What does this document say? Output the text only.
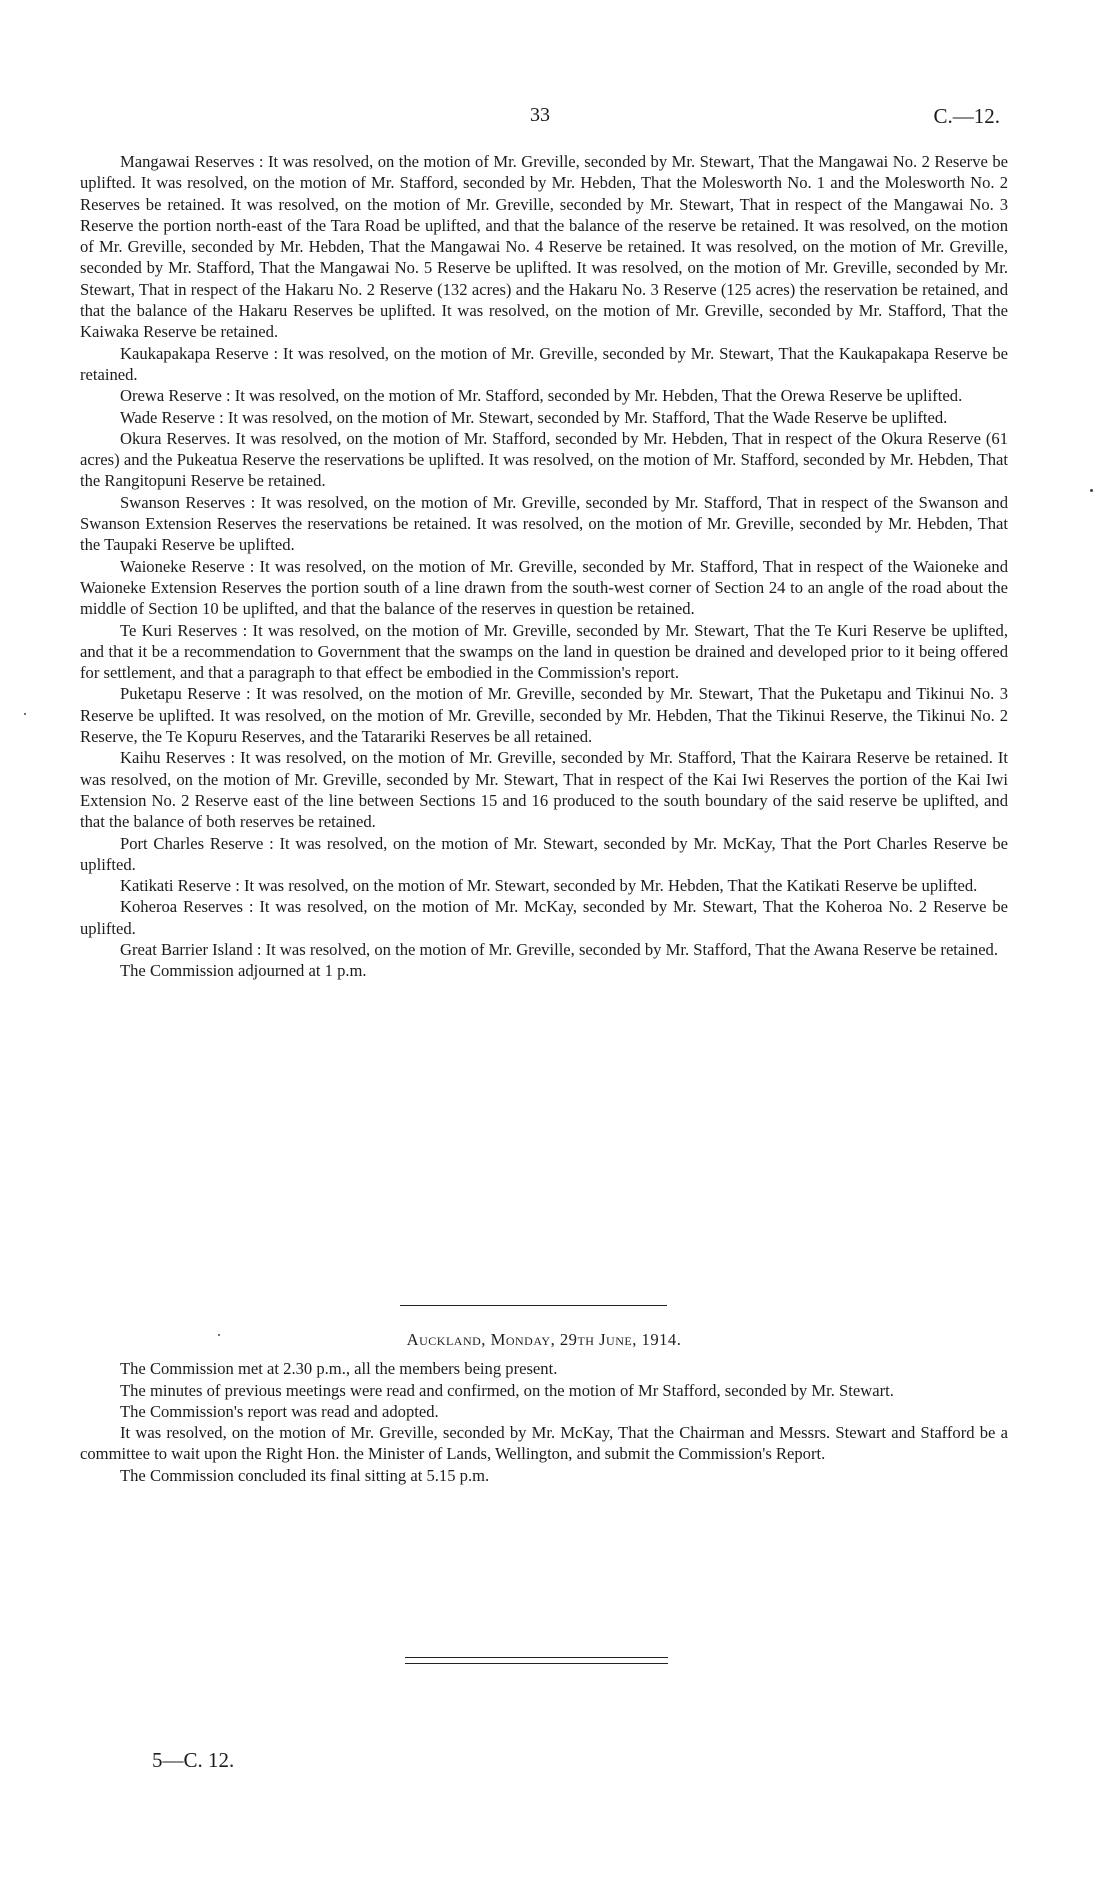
33	C.—12.

Mangawai Reserves : It was resolved, on the motion of Mr. Greville, seconded by Mr. Stewart, That the Mangawai No. 2 Reserve be uplifted. It was resolved, on the motion of Mr. Stafford, seconded by Mr. Hebden, That the Molesworth No. 1 and the Molesworth No. 2 Reserves be retained. It was resolved, on the motion of Mr. Greville, seconded by Mr. Stewart, That in respect of the Mangawai No. 3 Reserve the portion north-east of the Tara Road be uplifted, and that the balance of the reserve be retained. It was resolved, on the motion of Mr. Greville, seconded by Mr. Hebden, That the Mangawai No. 4 Reserve be retained. It was resolved, on the motion of Mr. Greville, seconded by Mr. Stafford, That the Mangawai No. 5 Reserve be uplifted. It was resolved, on the motion of Mr. Greville, seconded by Mr. Stewart, That in respect of the Hakaru No. 2 Reserve (132 acres) and the Hakaru No. 3 Reserve (125 acres) the reservation be retained, and that the balance of the Hakaru Reserves be uplifted. It was resolved, on the motion of Mr. Greville, seconded by Mr. Stafford, That the Kaiwaka Reserve be retained.

Kaukapakapa Reserve : It was resolved, on the motion of Mr. Greville, seconded by Mr. Stewart, That the Kaukapakapa Reserve be retained.

Orewa Reserve : It was resolved, on the motion of Mr. Stafford, seconded by Mr. Hebden, That the Orewa Reserve be uplifted.

Wade Reserve : It was resolved, on the motion of Mr. Stewart, seconded by Mr. Stafford, That the Wade Reserve be uplifted.

Okura Reserves. It was resolved, on the motion of Mr. Stafford, seconded by Mr. Hebden, That in respect of the Okura Reserve (61 acres) and the Pukeatua Reserve the reservations be uplifted. It was resolved, on the motion of Mr. Stafford, seconded by Mr. Hebden, That the Rangitopuni Reserve be retained.

Swanson Reserves : It was resolved, on the motion of Mr. Greville, seconded by Mr. Stafford, That in respect of the Swanson and Swanson Extension Reserves the reservations be retained. It was resolved, on the motion of Mr. Greville, seconded by Mr. Hebden, That the Taupaki Reserve be uplifted.

Waioneke Reserve : It was resolved, on the motion of Mr. Greville, seconded by Mr. Stafford, That in respect of the Waioneke and Waioneke Extension Reserves the portion south of a line drawn from the south-west corner of Section 24 to an angle of the road about the middle of Section 10 be uplifted, and that the balance of the reserves in question be retained.

Te Kuri Reserves : It was resolved, on the motion of Mr. Greville, seconded by Mr. Stewart, That the Te Kuri Reserve be uplifted, and that it be a recommendation to Government that the swamps on the land in question be drained and developed prior to it being offered for settlement, and that a paragraph to that effect be embodied in the Commission's report.

Puketapu Reserve : It was resolved, on the motion of Mr. Greville, seconded by Mr. Stewart, That the Puketapu and Tikinui No. 3 Reserve be uplifted. It was resolved, on the motion of Mr. Greville, seconded by Mr. Hebden, That the Tikinui Reserve, the Tikinui No. 2 Reserve, the Te Kopuru Reserves, and the Tatarariki Reserves be all retained.

Kaihu Reserves : It was resolved, on the motion of Mr. Greville, seconded by Mr. Stafford, That the Kairara Reserve be retained. It was resolved, on the motion of Mr. Greville, seconded by Mr. Stewart, That in respect of the Kai Iwi Reserves the portion of the Kai Iwi Extension No. 2 Reserve east of the line between Sections 15 and 16 produced to the south boundary of the said reserve be uplifted, and that the balance of both reserves be retained.

Port Charles Reserve : It was resolved, on the motion of Mr. Stewart, seconded by Mr. McKay, That the Port Charles Reserve be uplifted.

Katikati Reserve : It was resolved, on the motion of Mr. Stewart, seconded by Mr. Hebden, That the Katikati Reserve be uplifted.

Koheroa Reserves : It was resolved, on the motion of Mr. McKay, seconded by Mr. Stewart, That the Koheroa No. 2 Reserve be uplifted.

Great Barrier Island : It was resolved, on the motion of Mr. Greville, seconded by Mr. Stafford, That the Awana Reserve be retained.

The Commission adjourned at 1 p.m.

Auckland, Monday, 29th June, 1914.

The Commission met at 2.30 p.m., all the members being present.

The minutes of previous meetings were read and confirmed, on the motion of Mr Stafford, seconded by Mr. Stewart.

The Commission's report was read and adopted.

It was resolved, on the motion of Mr. Greville, seconded by Mr. McKay, That the Chairman and Messrs. Stewart and Stafford be a committee to wait upon the Right Hon. the Minister of Lands, Wellington, and submit the Commission's Report.

The Commission concluded its final sitting at 5.15 p.m.

5—C. 12.
